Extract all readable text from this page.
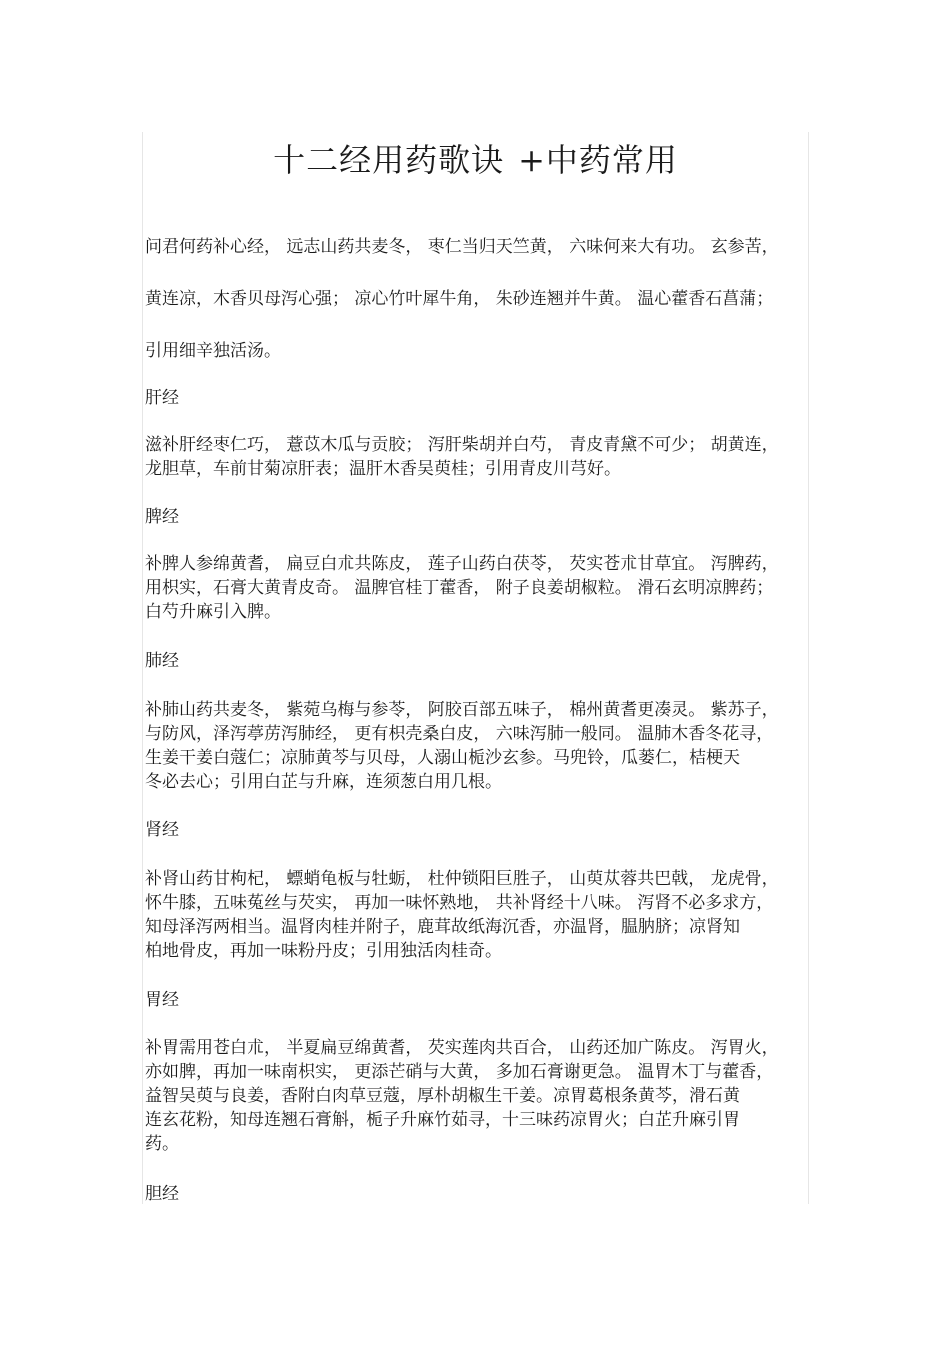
十二经用药歌诀 +中药常用
问君何药补心经， 远志山药共麦冬， 枣仁当归天竺黄， 六味何来大有功。 玄参苦，
黄连凉，木香贝母泻心强； 凉心竹叶犀牛角， 朱砂连翘并牛黄。 温心藿香石菖蒲；
引用细辛独活汤。
肝经
滋补肝经枣仁巧， 薏苡木瓜与贡胶； 泻肝柴胡并白芍， 青皮青黛不可少； 胡黄连，
龙胆草，车前甘菊凉肝表；温肝木香吴萸桂；引用青皮川芎好。
脾经
补脾人参绵黄耆， 扁豆白朮共陈皮， 莲子山药白茯苓， 芡实苍朮甘草宜。 泻脾药，
用枳实，石膏大黄青皮奇。 温脾官桂丁藿香， 附子良姜胡椒粒。 滑石玄明凉脾药；
白芍升麻引入脾。
肺经
补肺山药共麦冬， 紫菀乌梅与参苓， 阿胶百部五味子， 棉州黄耆更凑灵。 紫苏子，
与防风，泽泻葶苈泻肺经， 更有枳壳桑白皮， 六味泻肺一般同。 温肺木香冬花寻，
生姜干姜白蔻仁；凉肺黄芩与贝母，人溺山栀沙玄参。马兜铃，瓜蒌仁，桔梗天
冬必去心；引用白芷与升麻，连须葱白用几根。
肾经
补肾山药甘枸杞， 螵蛸龟板与牡蛎， 杜仲锁阳巨胜子， 山萸苁蓉共巴戟， 龙虎骨，
怀牛膝，五味菟丝与芡实， 再加一味怀熟地， 共补肾经十八味。 泻肾不必多求方，
知母泽泻两相当。温肾肉桂并附子，鹿茸故纸海沉香，亦温肾，腽肭脐；凉肾知
柏地骨皮，再加一味粉丹皮；引用独活肉桂奇。
胃经
补胃需用苍白朮， 半夏扁豆绵黄耆， 芡实莲肉共百合， 山药还加广陈皮。 泻胃火，
亦如脾，再加一味南枳实， 更添芒硝与大黄， 多加石膏谢更急。 温胃木丁与藿香，
益智吴萸与良姜，香附白肉草豆蔻，厚朴胡椒生干姜。凉胃葛根条黄芩，滑石黄
连玄花粉，知母连翘石膏斛，栀子升麻竹茹寻，十三味药凉胃火；白芷升麻引胃
药。
胆经
